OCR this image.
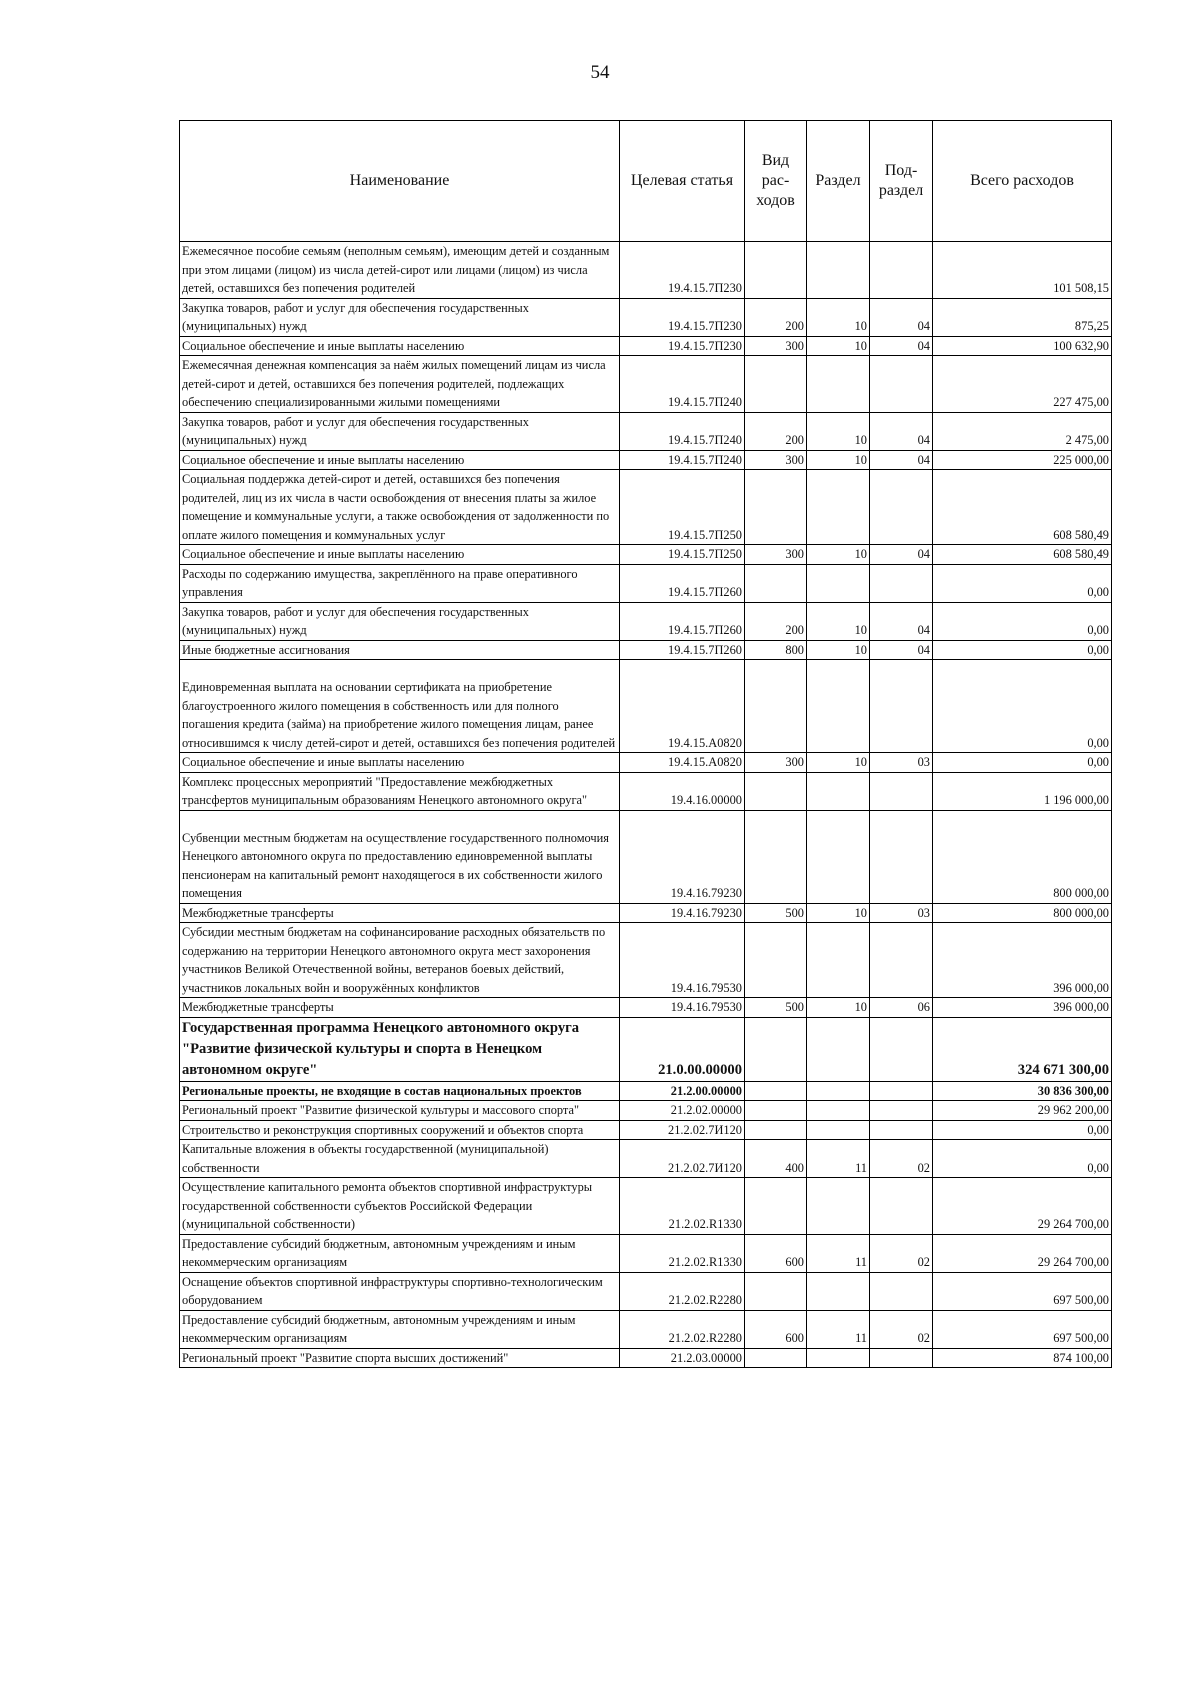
54
Наименование	Целевая статья	Вид рас- ходов	Раздел	Под- раздел	Всего расходов
Ежемесячное пособие семьям (неполным семьям), имеющим детей и созданным при этом лицами (лицом) из числа детей-сирот или лицами (лицом) из числа детей, оставшихся без попечения родителей	19.4.15.7П230				101 508,15
Закупка товаров, работ и услуг для обеспечения государственных (муниципальных) нужд	19.4.15.7П230	200	10	04	875,25
Социальное обеспечение и иные выплаты населению	19.4.15.7П230	300	10	04	100 632,90
Ежемесячная денежная компенсация за наём жилых помещений лицам из числа детей-сирот и детей, оставшихся без попечения родителей, подлежащих обеспечению специализированными жилыми помещениями	19.4.15.7П240				227 475,00
Закупка товаров, работ и услуг для обеспечения государственных (муниципальных) нужд	19.4.15.7П240	200	10	04	2 475,00
Социальное обеспечение и иные выплаты населению	19.4.15.7П240	300	10	04	225 000,00
Социальная поддержка детей-сирот и детей, оставшихся без попечения родителей, лиц из их числа в части освобождения от внесения платы за жилое помещение и коммунальные услуги, а также освобождения от задолженности по оплате жилого помещения и коммунальных услуг	19.4.15.7П250				608 580,49
Социальное обеспечение и иные выплаты населению	19.4.15.7П250	300	10	04	608 580,49
Расходы по содержанию имущества, закреплённого на праве оперативного управления	19.4.15.7П260				0,00
Закупка товаров, работ и услуг для обеспечения государственных (муниципальных) нужд	19.4.15.7П260	200	10	04	0,00
Иные бюджетные ассигнования	19.4.15.7П260	800	10	04	0,00
Единовременная выплата на основании сертификата на приобретение благоустроенного жилого помещения в собственность или для полного погашения кредита (займа) на приобретение жилого помещения лицам, ранее относившимся к числу детей-сирот и детей, оставшихся без попечения родителей	19.4.15.А0820				0,00
Социальное обеспечение и иные выплаты населению	19.4.15.А0820	300	10	03	0,00
Комплекс процессных мероприятий "Предоставление межбюджетных трансфертов муниципальным образованиям Ненецкого автономного округа"	19.4.16.00000				1 196 000,00
Субвенции местным бюджетам на осуществление государственного полномочия Ненецкого автономного округа по предоставлению единовременной выплаты пенсионерам на капитальный ремонт находящегося в их собственности жилого помещения	19.4.16.79230				800 000,00
Межбюджетные трансферты	19.4.16.79230	500	10	03	800 000,00
Субсидии местным бюджетам на софинансирование расходных обязательств по содержанию на территории Ненецкого автономного округа мест захоронения участников Великой Отечественной войны, ветеранов боевых действий, участников локальных войн и вооружённых конфликтов	19.4.16.79530				396 000,00
Межбюджетные трансферты	19.4.16.79530	500	10	06	396 000,00
Государственная программа Ненецкого автономного округа "Развитие физической культуры и спорта в Ненецком автономном округе"	21.0.00.00000				324 671 300,00
Региональные проекты, не входящие в состав национальных проектов	21.2.00.00000				30 836 300,00
Региональный проект "Развитие физической культуры и массового спорта"	21.2.02.00000				29 962 200,00
Строительство и реконструкция спортивных сооружений и объектов спорта	21.2.02.7И120				0,00
Капитальные вложения в объекты государственной (муниципальной) собственности	21.2.02.7И120	400	11	02	0,00
Осуществление капитального ремонта объектов спортивной инфраструктуры государственной собственности субъектов Российской Федерации (муниципальной собственности)	21.2.02.R1330				29 264 700,00
Предоставление субсидий бюджетным, автономным учреждениям и иным некоммерческим организациям	21.2.02.R1330	600	11	02	29 264 700,00
Оснащение объектов спортивной инфраструктуры спортивно-технологическим оборудованием	21.2.02.R2280				697 500,00
Предоставление субсидий бюджетным, автономным учреждениям и иным некоммерческим организациям	21.2.02.R2280	600	11	02	697 500,00
Региональный проект "Развитие спорта высших достижений"	21.2.03.00000				874 100,00
